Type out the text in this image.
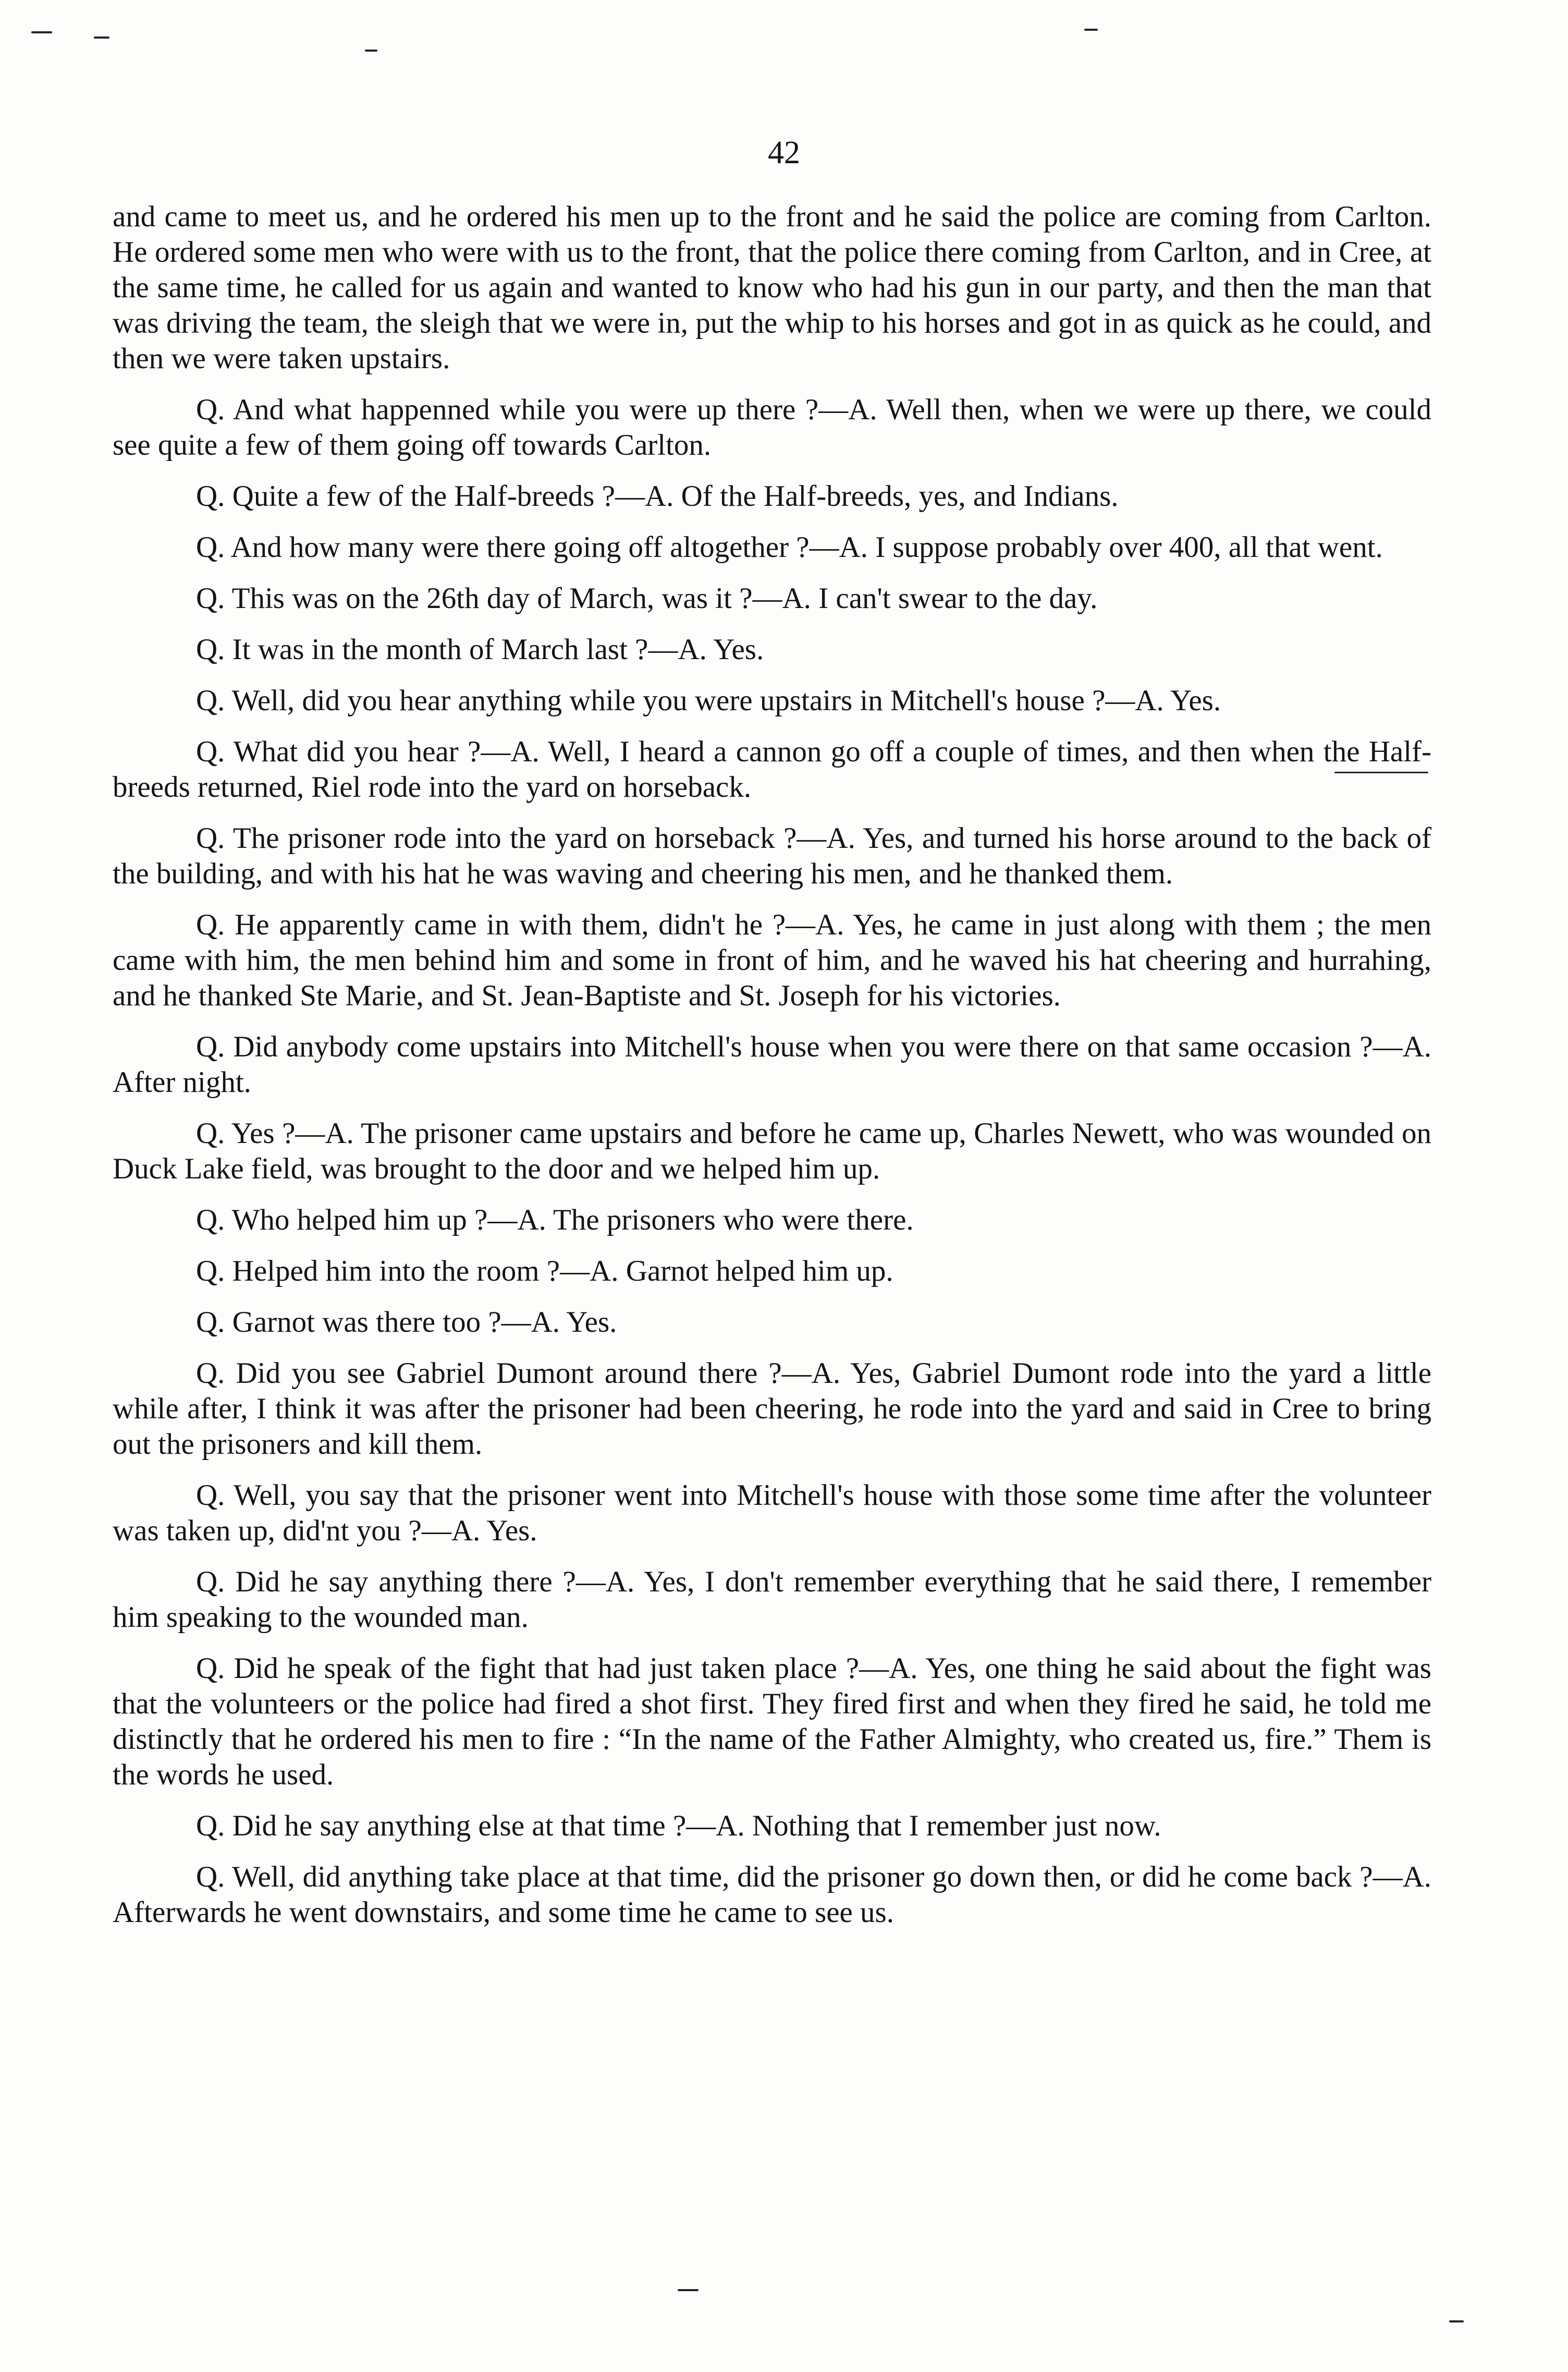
42

and came to meet us, and he ordered his men up to the front and he said the police are coming from Carlton. He ordered some men who were with us to the front, that the police there coming from Carlton, and in Cree, at the same time, he called for us again and wanted to know who had his gun in our party, and then the man that was driving the team, the sleigh that we were in, put the whip to his horses and got in as quick as he could, and then we were taken upstairs.

Q. And what happenned while you were up there ?—A. Well then, when we were up there, we could see quite a few of them going off towards Carlton.

Q. Quite a few of the Half-breeds ?—A. Of the Half-breeds, yes, and Indians.

Q. And how many were there going off altogether ?—A. I suppose probably over 400, all that went.

Q. This was on the 26th day of March, was it ?—A. I can't swear to the day.

Q. It was in the month of March last ?—A. Yes.

Q. Well, did you hear anything while you were upstairs in Mitchell's house ?—A. Yes.

Q. What did you hear ?—A. Well, I heard a cannon go off a couple of times, and then when the Half-breeds returned, Riel rode into the yard on horseback.

Q. The prisoner rode into the yard on horseback ?—A. Yes, and turned his horse around to the back of the building, and with his hat he was waving and cheering his men, and he thanked them.

Q. He apparently came in with them, didn't he ?—A. Yes, he came in just along with them ; the men came with him, the men behind him and some in front of him, and he waved his hat cheering and hurrahing, and he thanked Ste Marie, and St. Jean-Baptiste and St. Joseph for his victories.

Q. Did anybody come upstairs into Mitchell's house when you were there on that same occasion ?—A. After night.

Q. Yes ?—A. The prisoner came upstairs and before he came up, Charles Newett, who was wounded on Duck Lake field, was brought to the door and we helped him up.

Q. Who helped him up ?—A. The prisoners who were there.

Q. Helped him into the room ?—A. Garnot helped him up.

Q. Garnot was there too ?—A. Yes.

Q. Did you see Gabriel Dumont around there ?—A. Yes, Gabriel Dumont rode into the yard a little while after, I think it was after the prisoner had been cheering, he rode into the yard and said in Cree to bring out the prisoners and kill them.

Q. Well, you say that the prisoner went into Mitchell's house with those some time after the volunteer was taken up, did'nt you ?—A. Yes.

Q. Did he say anything there ?—A. Yes, I don't remember everything that he said there, I remember him speaking to the wounded man.

Q. Did he speak of the fight that had just taken place ?—A. Yes, one thing he said about the fight was that the volunteers or the police had fired a shot first. They fired first and when they fired he said, he told me distinctly that he ordered his men to fire : “In the name of the Father Almighty, who created us, fire.” Them is the words he used.

Q. Did he say anything else at that time ?—A. Nothing that I remember just now.

Q. Well, did anything take place at that time, did the prisoner go down then, or did he come back ?—A. Afterwards he went downstairs, and some time he came to see us.
